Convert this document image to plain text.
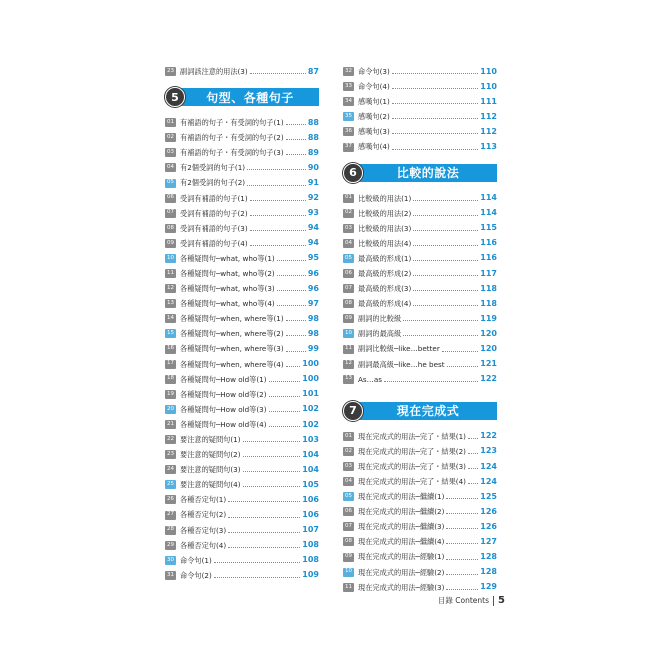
23 副詞該注意的用法(3)	87
5	句型、各種句子
01 有補語的句子・有受詞的句子(1)	88
02 有補語的句子・有受詞的句子(2)	88
03 有補語的句子・有受詞的句子(3)	89
04 有2個受詞的句子(1)	90
05 有2個受詞的句子(2)	91
06 受詞有補語的句子(1)	92
07 受詞有補語的句子(2)	93
08 受詞有補語的句子(3)	94
09 受詞有補語的句子(4)	94
10 各種疑問句─what, who等(1)	95
11 各種疑問句─what, who等(2)	96
12 各種疑問句─what, who等(3)	96
13 各種疑問句─what, who等(4)	97
14 各種疑問句─when, where等(1)	98
15 各種疑問句─when, where等(2)	98
16 各種疑問句─when, where等(3)	99
17 各種疑問句─when, where等(4) 100
18 各種疑問句─How old等(1)	100
19 各種疑問句─How old等(2)	101
20 各種疑問句─How old等(3)	102
21 各種疑問句─How old等(4)	102
22 要注意的疑問句(1)	103
23 要注意的疑問句(2)	104
24 要注意的疑問句(3)	104
25 要注意的疑問句(4)	105
26 各種否定句(1)	106
27 各種否定句(2)	106
28 各種否定句(3)	107
29 各種否定句(4)	108
30 命令句(1)	108
31 命令句(2)	109
32 命令句(3)	110
33 命令句(4)	110
34 感嘆句(1)	111
35 感嘆句(2)	112
36 感嘆句(3)	112
37 感嘆句(4)	113
6	比較的說法
01 比較級的用法(1)	114
02 比較級的用法(2)	114
03 比較級的用法(3)	115
04 比較級的用法(4)	116
05 最高級的形成(1)	116
06 最高級的形成(2)	117
07 最高級的形成(3)	118
08 最高級的形成(4)	118
09 副詞的比較級	119
10 副詞的最高級	120
11 副詞比較級─like…better	120
12 副詞最高級─like…he best	121
13 As…as	122
7	現在完成式
01 現在完成式的用法─完了・結果(1) 122
02 現在完成式的用法─完了・結果(2) 123
03 現在完成式的用法─完了・結果(3) 124
04 現在完成式的用法─完了・結果(4) 124
05 現在完成式的用法─繼續(1)	125
06 現在完成式的用法─繼續(2)	126
07 現在完成式的用法─繼續(3)	126
08 現在完成式的用法─繼續(4)	127
09 現在完成式的用法─經驗(1)	128
10 現在完成式的用法─經驗(2)	128
11 現在完成式的用法─經驗(3)	129
目錄 Contents 5
